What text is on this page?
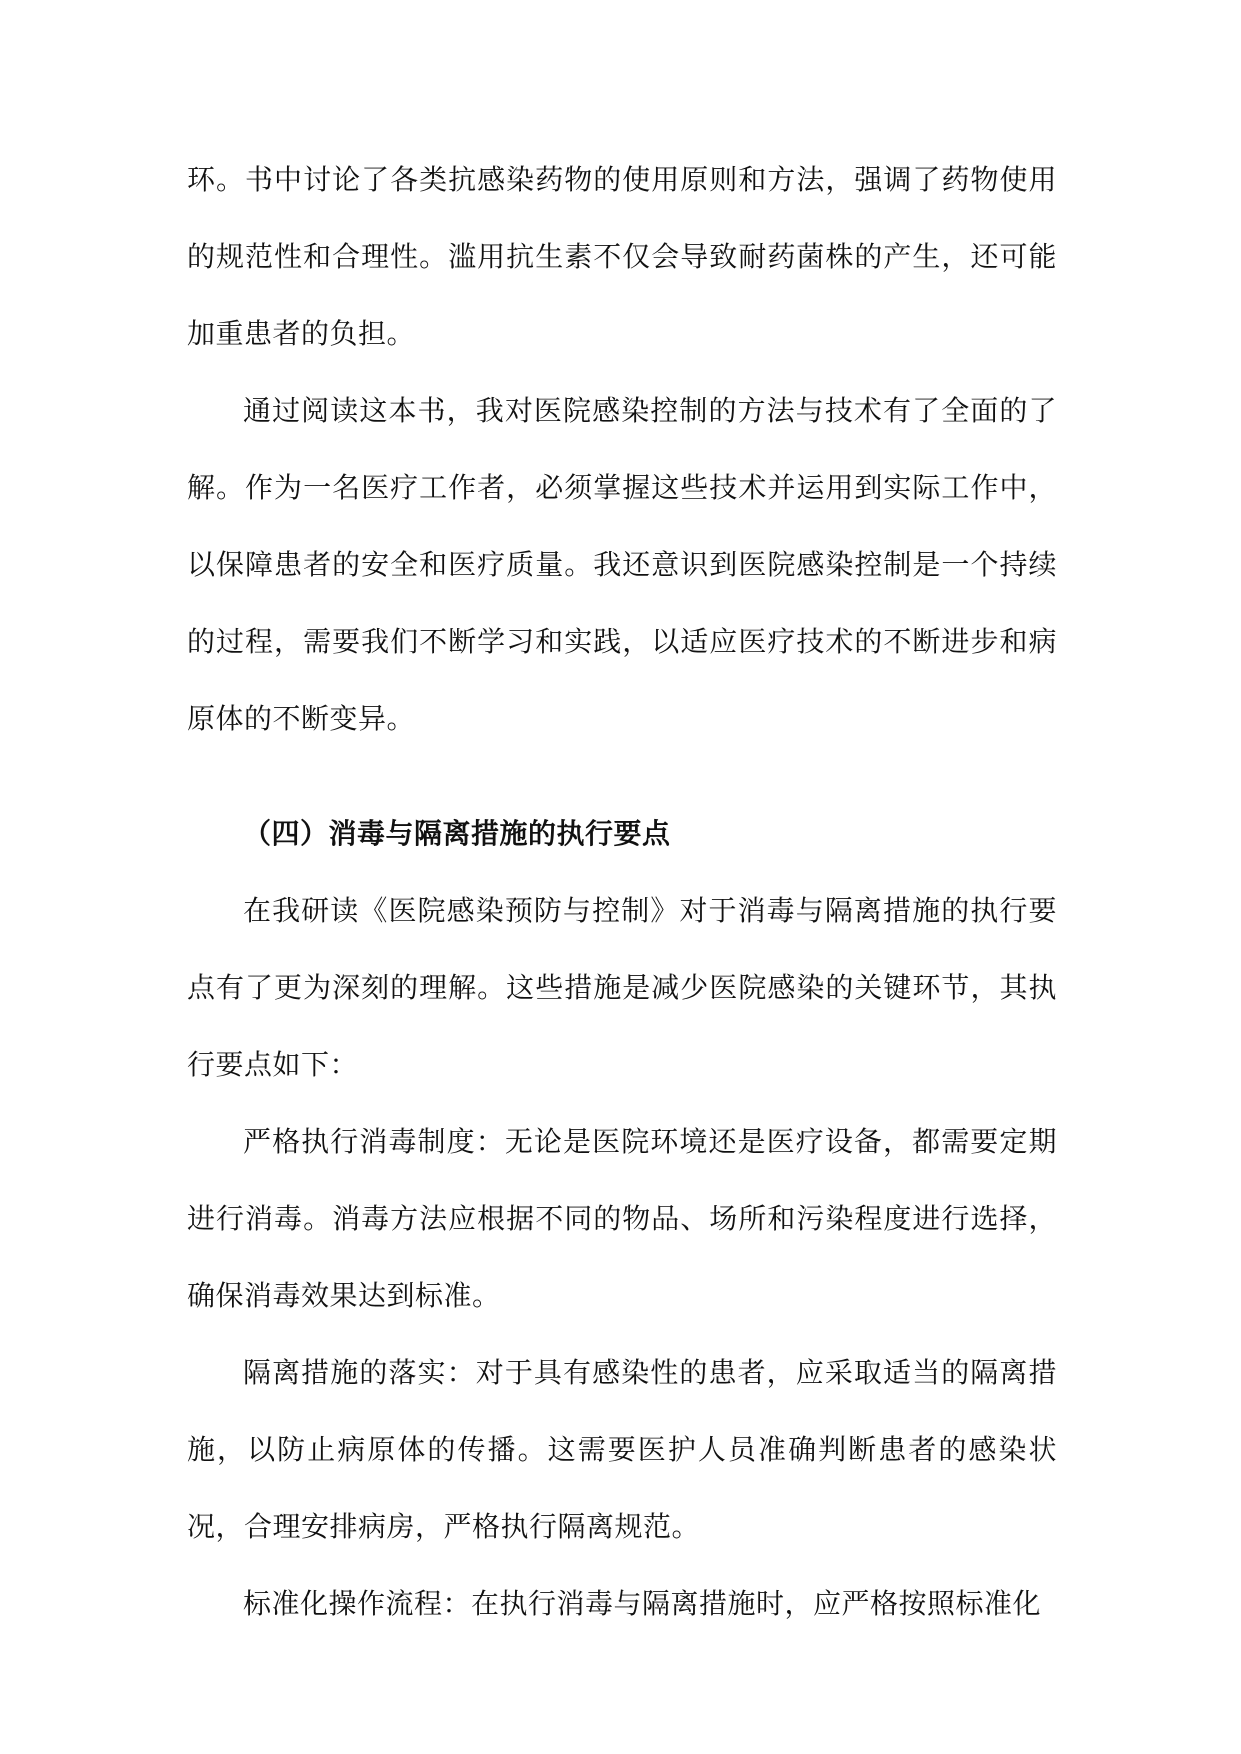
环。书中讨论了各类抗感染药物的使用原则和方法，强调了药物使用的规范性和合理性。滥用抗生素不仅会导致耐药菌株的产生，还可能加重患者的负担。

通过阅读这本书，我对医院感染控制的方法与技术有了全面的了解。作为一名医疗工作者，必须掌握这些技术并运用到实际工作中，以保障患者的安全和医疗质量。我还意识到医院感染控制是一个持续的过程，需要我们不断学习和实践，以适应医疗技术的不断进步和病原体的不断变异。

（四）消毒与隔离措施的执行要点

在我研读《医院感染预防与控制》对于消毒与隔离措施的执行要点有了更为深刻的理解。这些措施是减少医院感染的关键环节，其执行要点如下：

严格执行消毒制度：无论是医院环境还是医疗设备，都需要定期进行消毒。消毒方法应根据不同的物品、场所和污染程度进行选择，确保消毒效果达到标准。

隔离措施的落实：对于具有感染性的患者，应采取适当的隔离措施，以防止病原体的传播。这需要医护人员准确判断患者的感染状况，合理安排病房，严格执行隔离规范。

标准化操作流程：在执行消毒与隔离措施时，应严格按照标准化
